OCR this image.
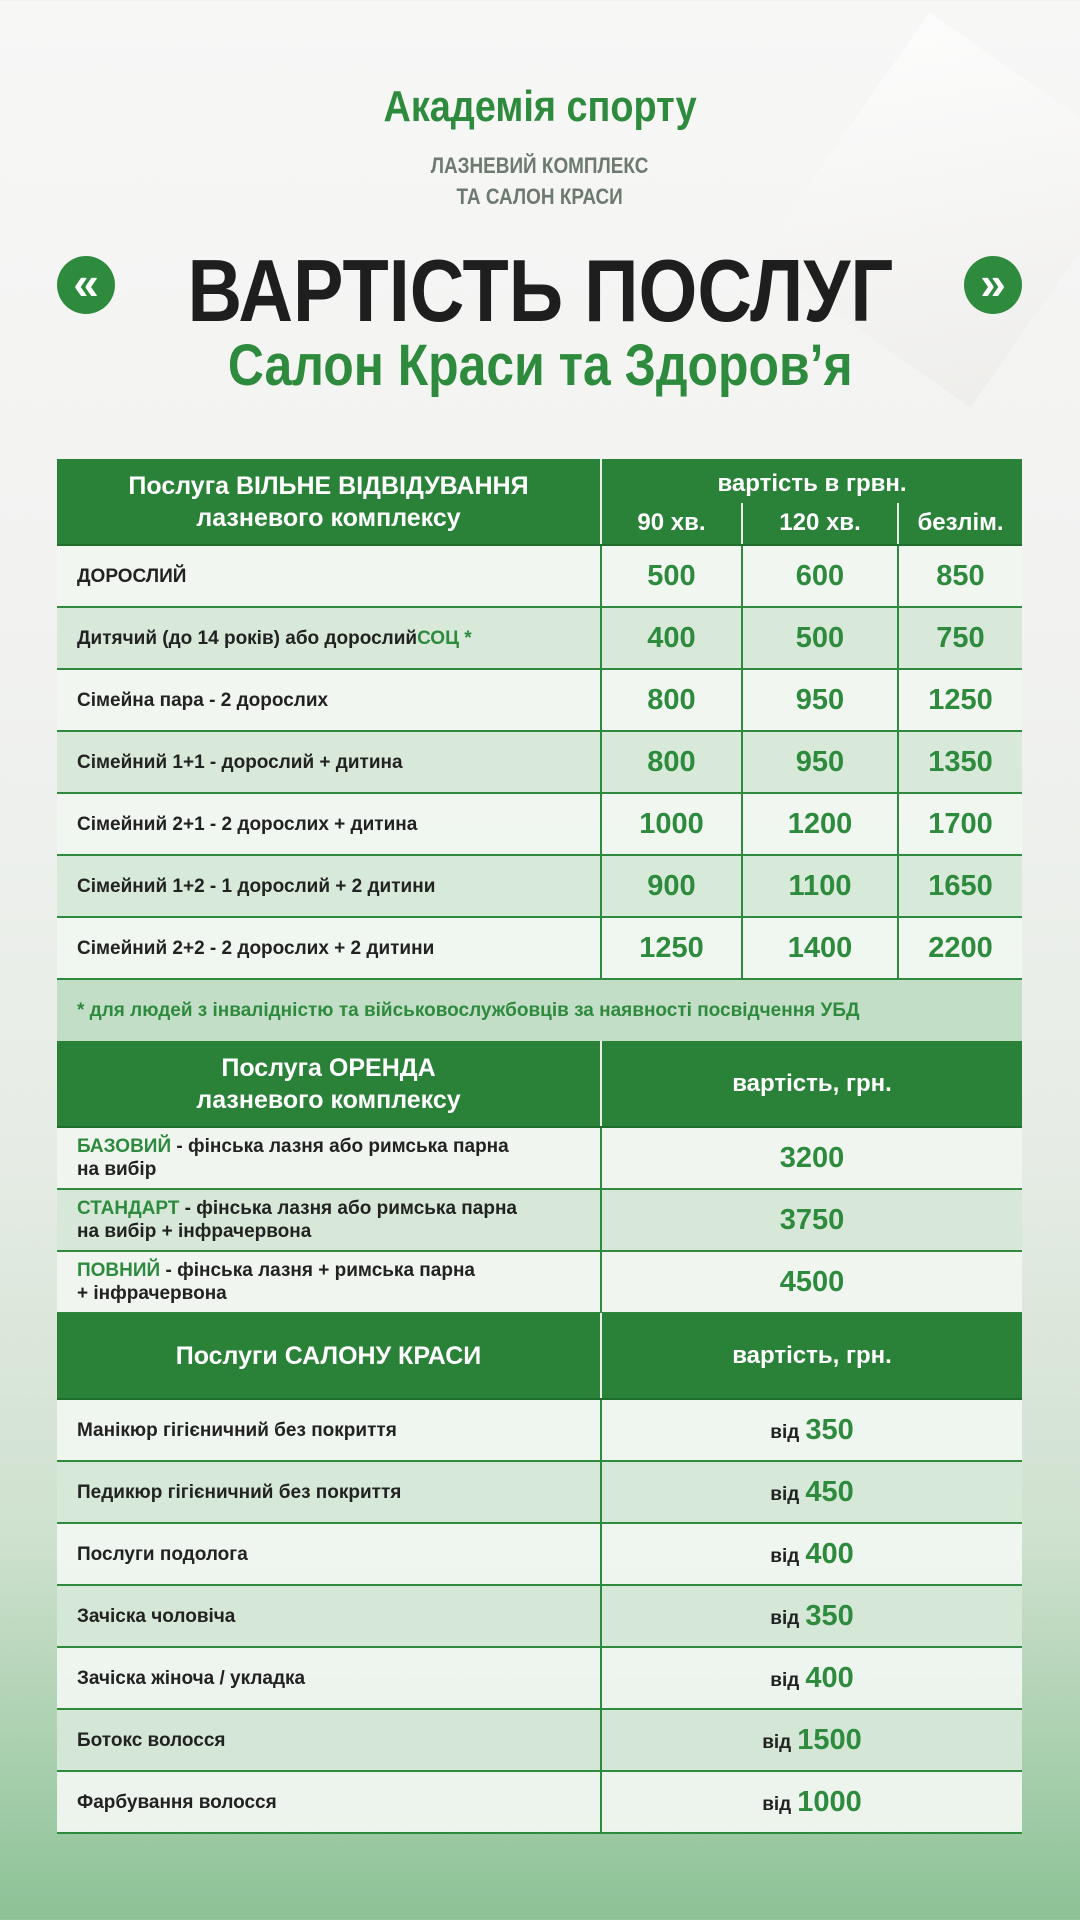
Академія спорту
ЛАЗНЕВИЙ КОМПЛЕКС
ТА САЛОН КРАСИ
«	»
ВАРТІСТЬ ПОСЛУГ
Салон Краси та Здоров’я
Послуга ВІЛЬНЕ ВІДВІДУВАННЯ
лазневого комплексу
вартість в грвн.
90 хв.	120 хв.	безлім.
ДОРОСЛИЙ	500	600	850
Дитячий (до 14 років) або дорослий СОЦ *	400	500	750
Сімейна пара - 2 дорослих	800	950	1250
Сімейний 1+1 - дорослий + дитина	800	950	1350
Сімейний 2+1 - 2 дорослих + дитина	1000	1200	1700
Сімейний 1+2 - 1 дорослий + 2 дитини	900	1100	1650
Сімейний 2+2 - 2 дорослих + 2 дитини	1250	1400	2200
* для людей з інвалідністю та військовослужбовців за наявності посвідчення УБД
Послуга ОРЕНДА
лазневого комплексу
вартість, грн.
БАЗОВИЙ - фінська лазня або римська парна
на вибір	3200
СТАНДАРТ - фінська лазня або римська парна
на вибір + інфрачервона	3750
ПОВНИЙ - фінська лазня + римська парна
+ інфрачервона	4500
Послуги САЛОНУ КРАСИ	вартість, грн.
Манікюр гігієничний без покриття	від 350
Педикюр гігієничний без покриття	від 450
Послуги подолога	від 400
Зачіска чоловіча	від 350
Зачіска жіноча / укладка	від 400
Ботокс волосся	від 1500
Фарбування волосся	від 1000
